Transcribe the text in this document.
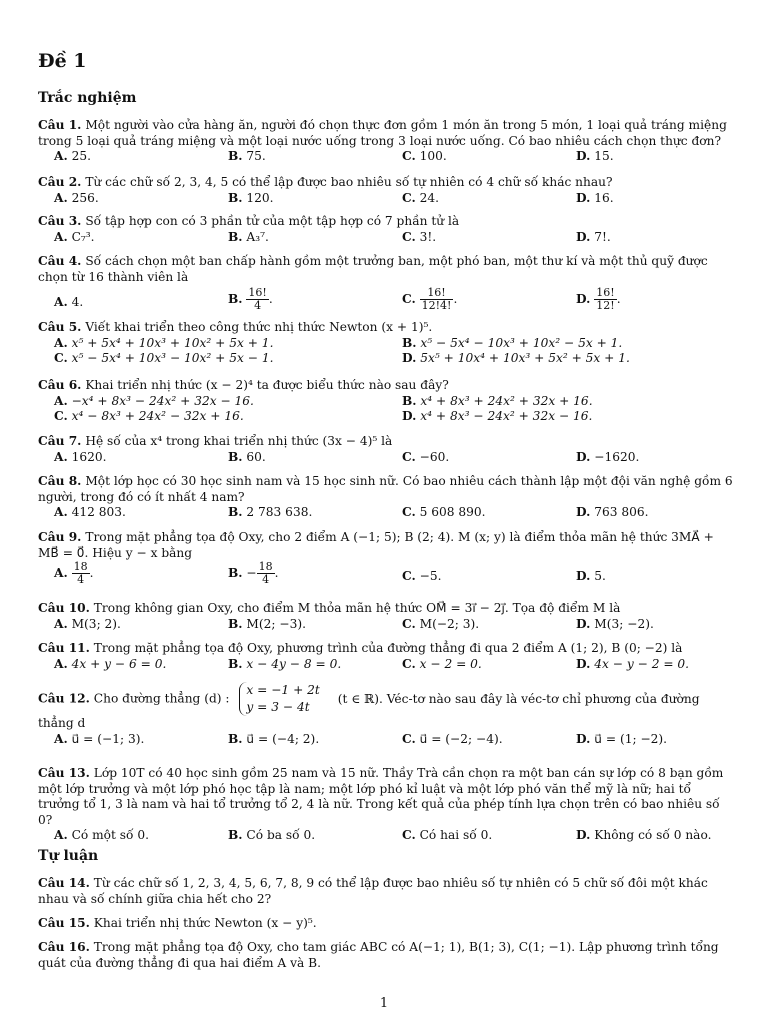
Đề 1
Trắc nghiệm
Câu 1. Một người vào cửa hàng ăn, người đó chọn thực đơn gồm 1 món ăn trong 5 món, 1 loại quả tráng miệng trong 5 loại quả tráng miệng và một loại nước uống trong 3 loại nước uống. Có bao nhiêu cách chọn thực đơn?
A. 25.	B. 75.	C. 100.	D. 15.
Câu 2. Từ các chữ số 2, 3, 4, 5 có thể lập được bao nhiêu số tự nhiên có 4 chữ số khác nhau?
A. 256.	B. 120.	C. 24.	D. 16.
Câu 3. Số tập hợp con có 3 phần tử của một tập hợp có 7 phần tử là
A. C₇³.	B. A₃⁷.	C. 3!.	D. 7!.
Câu 4. Số cách chọn một ban chấp hành gồm một trưởng ban, một phó ban, một thư kí và một thủ quỹ được chọn từ 16 thành viên là
A. 4.	B. $\frac{16!}{4}$ .	C. $\frac{16!}{12!4!}$ .	D. $\frac{16!}{12!}$ .
Câu 5. Viết khai triển theo công thức nhị thức Newton (x + 1)⁵.
A. x⁵ + 5x⁴ + 10x³ + 10x² + 5x + 1.	B. x⁵ − 5x⁴ − 10x³ + 10x² − 5x + 1.
C. x⁵ − 5x⁴ + 10x³ − 10x² + 5x − 1.	D. 5x⁵ + 10x⁴ + 10x³ + 5x² + 5x + 1.
Câu 6. Khai triển nhị thức (x − 2)⁴ ta được biểu thức nào sau đây?
A. −x⁴ + 8x³ − 24x² + 32x − 16.	B. x⁴ + 8x³ + 24x² + 32x + 16.
C. x⁴ − 8x³ + 24x² − 32x + 16.	D. x⁴ + 8x³ − 24x² + 32x − 16.
Câu 7. Hệ số của x⁴ trong khai triển nhị thức (3x − 4)⁵ là
A. 1620.	B. 60.	C. −60.	D. −1620.
Câu 8. Một lớp học có 30 học sinh nam và 15 học sinh nữ. Có bao nhiêu cách thành lập một đội văn nghệ gồm 6 người, trong đó có ít nhất 4 nam?
A. 412 803.	B. 2 783 638.	C. 5 608 890.	D. 763 806.
Câu 9. Trong mặt phẳng tọa độ Oxy, cho 2 điểm A (−1; 5); B (2; 4). M (x; y) là điểm thỏa mãn hệ thức 3MA⃗ + MB⃗ = 0⃗. Hiệu y − x bằng
A. $\frac{18}{4}$ .	B. − $\frac{18}{4}$ .	C. −5.	D. 5.
Câu 10. Trong không gian Oxy, cho điểm M thỏa mãn hệ thức OM⃗ = 3i⃗ − 2j⃗. Tọa độ điểm M là
A. M(3; 2).	B. M(2; −3).	C. M(−2; 3).	D. M(3; −2).
Câu 11. Trong mặt phẳng tọa độ Oxy, phương trình của đường thẳng đi qua 2 điểm A (1; 2), B (0; −2) là
A. 4x + y − 6 = 0.	B. x − 4y − 8 = 0.	C. x − 2 = 0.	D. 4x − y − 2 = 0.
Câu 12. Cho đường thẳng (d) :
x = −1 + 2t
y = 3 − 4t
(t ∈ ℝ). Véc-tơ nào sau đây là véc-tơ chỉ phương của đường
thẳng d
A. u⃗ = (−1; 3).	B. u⃗ = (−4; 2).	C. u⃗ = (−2; −4).	D. u⃗ = (1; −2).
Câu 13. Lớp 10T có 40 học sinh gồm 25 nam và 15 nữ. Thầy Trà cần chọn ra một ban cán sự lớp có 8 bạn gồm một lớp trưởng và một lớp phó học tập là nam; một lớp phó kỉ luật và một lớp phó văn thể mỹ là nữ; hai tổ trưởng tổ 1, 3 là nam và hai tổ trưởng tổ 2, 4 là nữ. Trong kết quả của phép tính lựa chọn trên có bao nhiêu số 0?
A. Có một số 0.	B. Có ba số 0.	C. Có hai số 0.	D. Không có số 0 nào.
Tự luận
Câu 14. Từ các chữ số 1, 2, 3, 4, 5, 6, 7, 8, 9 có thể lập được bao nhiêu số tự nhiên có 5 chữ số đôi một khác nhau và số chính giữa chia hết cho 2?
Câu 15. Khai triển nhị thức Newton (x − y)⁵.
Câu 16. Trong mặt phẳng tọa độ Oxy, cho tam giác ABC có A(−1; 1), B(1; 3), C(1; −1). Lập phương trình tổng quát của đường thẳng đi qua hai điểm A và B.
1
